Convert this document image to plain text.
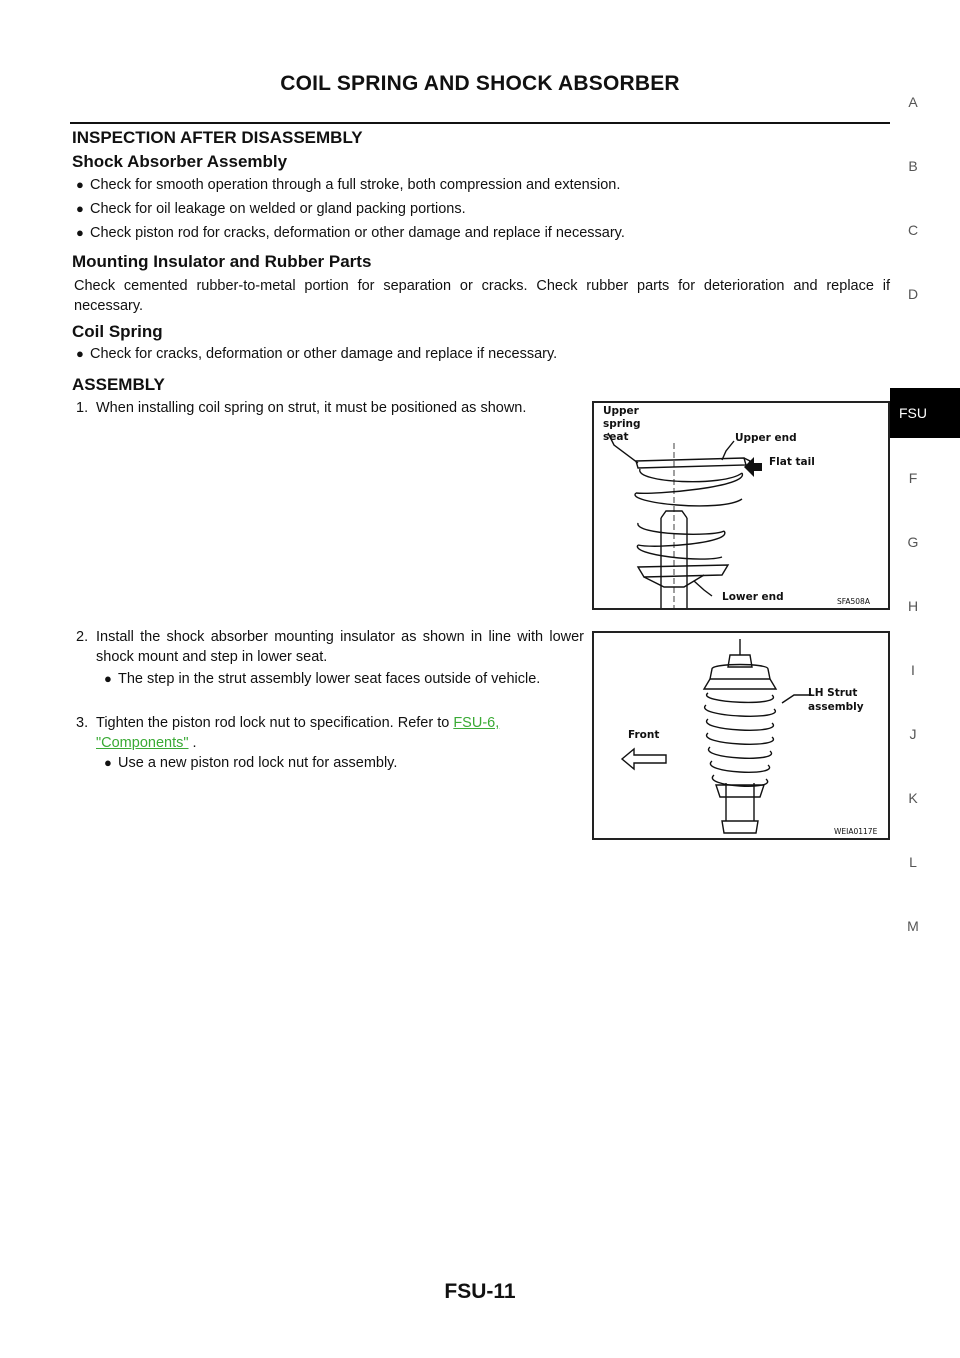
COIL SPRING AND SHOCK ABSORBER
A
B
C
D
FSU
F
G
H
I
J
K
L
M
INSPECTION AFTER DISASSEMBLY
Shock Absorber Assembly
● Check for smooth operation through a full stroke, both compression and extension.
● Check for oil leakage on welded or gland packing portions.
● Check piston rod for cracks, deformation or other damage and replace if necessary.
Mounting Insulator and Rubber Parts
Check cemented rubber-to-metal portion for separation or cracks. Check rubber parts for deterioration and replace if necessary.
Coil Spring
● Check for cracks, deformation or other damage and replace if necessary.
ASSEMBLY
1. When installing coil spring on strut, it must be positioned as shown.
2. Install the shock absorber mounting insulator as shown in line with lower shock mount and step in lower seat.
● The step in the strut assembly lower seat faces outside of vehicle.
3. Tighten the piston rod lock nut to specification. Refer to FSU-6,
"Components" .
● Use a new piston rod lock nut for assembly.
Upper
spring
seat	Upper end
Flat tail
Lower end	SFA508A
LH Strut
assembly
Front
WEIA0117E
FSU-11
